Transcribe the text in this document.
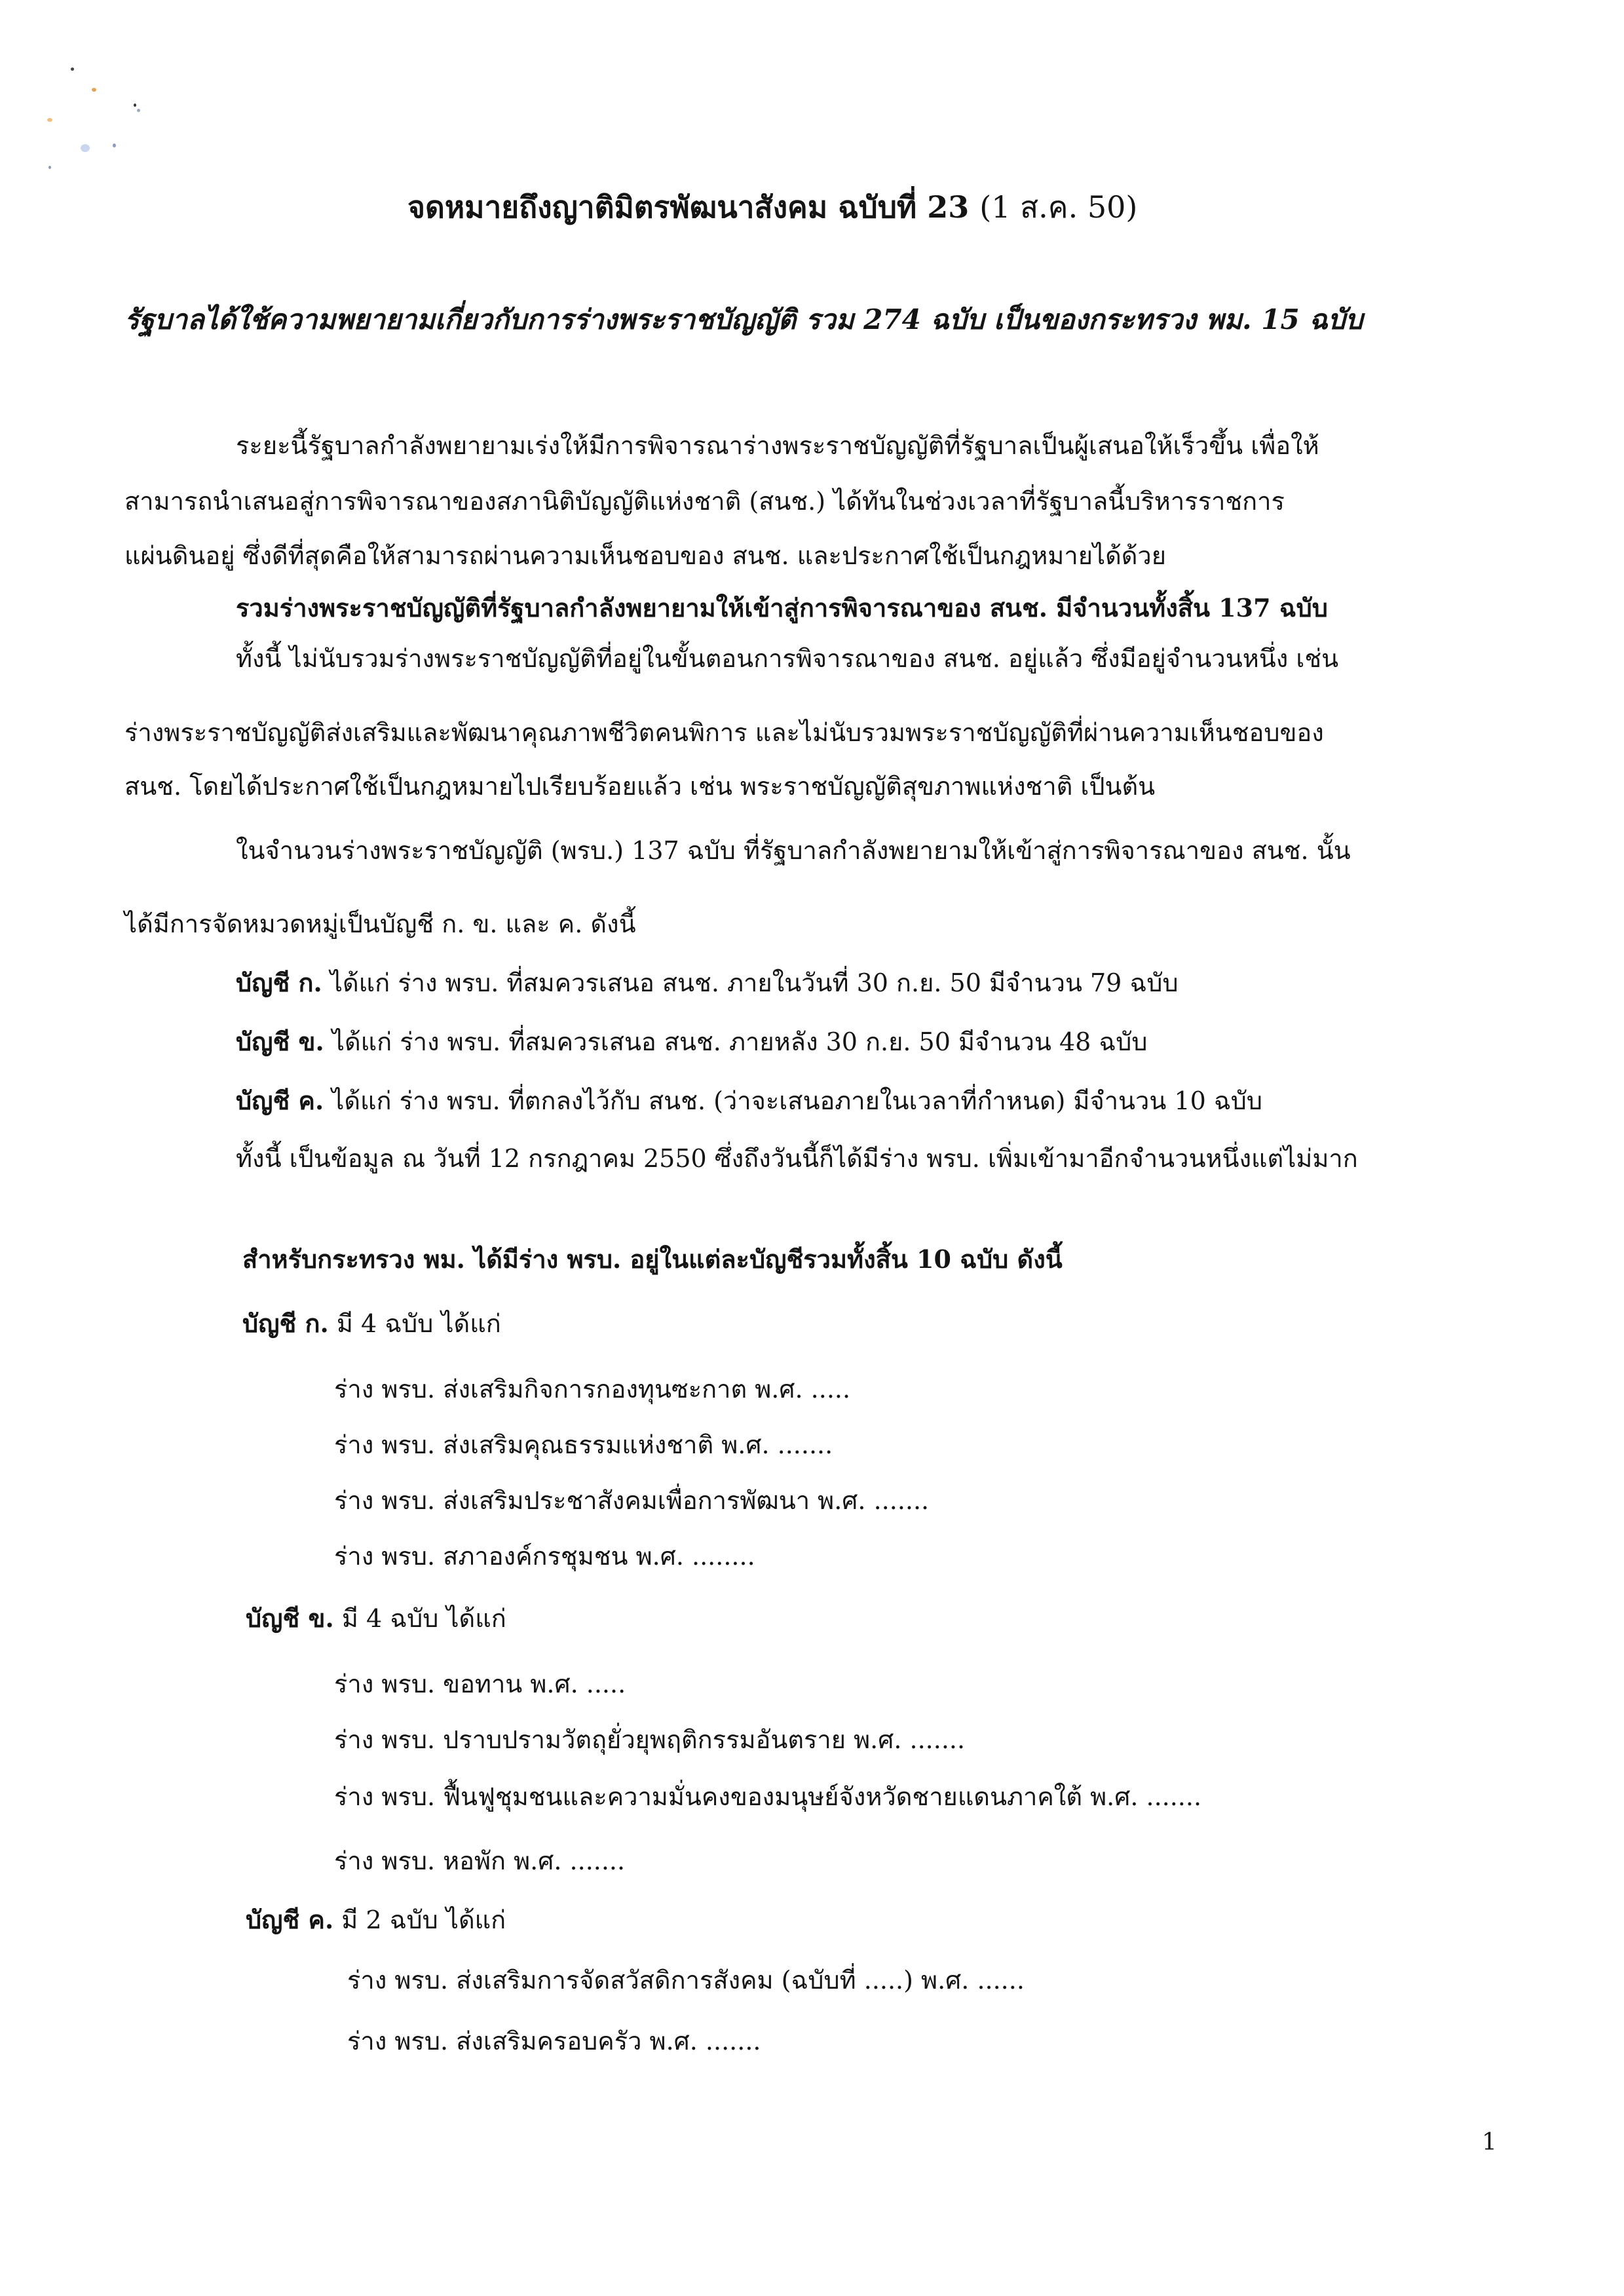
จดหมายถึงญาติมิตรพัฒนาสังคม ฉบับที่ 23 (1 ส.ค. 50)
รัฐบาลได้ใช้ความพยายามเกี่ยวกับการร่างพระราชบัญญัติ รวม 274 ฉบับ เป็นของกระทรวง พม. 15 ฉบับ
ระยะนี้รัฐบาลกำลังพยายามเร่งให้มีการพิจารณาร่างพระราชบัญญัติที่รัฐบาลเป็นผู้เสนอให้เร็วขึ้น เพื่อให้
สามารถนำเสนอสู่การพิจารณาของสภานิติบัญญัติแห่งชาติ (สนช.) ได้ทันในช่วงเวลาที่รัฐบาลนี้บริหารราชการ
แผ่นดินอยู่ ซึ่งดีที่สุดคือให้สามารถผ่านความเห็นชอบของ สนช. และประกาศใช้เป็นกฎหมายได้ด้วย
รวมร่างพระราชบัญญัติที่รัฐบาลกำลังพยายามให้เข้าสู่การพิจารณาของ สนช. มีจำนวนทั้งสิ้น 137 ฉบับ
ทั้งนี้ ไม่นับรวมร่างพระราชบัญญัติที่อยู่ในขั้นตอนการพิจารณาของ สนช. อยู่แล้ว ซึ่งมีอยู่จำนวนหนึ่ง เช่น
ร่างพระราชบัญญัติส่งเสริมและพัฒนาคุณภาพชีวิตคนพิการ และไม่นับรวมพระราชบัญญัติที่ผ่านความเห็นชอบของ
สนช. โดยได้ประกาศใช้เป็นกฎหมายไปเรียบร้อยแล้ว เช่น พระราชบัญญัติสุขภาพแห่งชาติ เป็นต้น
ในจำนวนร่างพระราชบัญญัติ (พรบ.) 137 ฉบับ ที่รัฐบาลกำลังพยายามให้เข้าสู่การพิจารณาของ สนช. นั้น
ได้มีการจัดหมวดหมู่เป็นบัญชี ก. ข. และ ค. ดังนี้
บัญชี ก. ได้แก่ ร่าง พรบ. ที่สมควรเสนอ สนช. ภายในวันที่ 30 ก.ย. 50 มีจำนวน 79 ฉบับ
บัญชี ข. ได้แก่ ร่าง พรบ. ที่สมควรเสนอ สนช. ภายหลัง 30 ก.ย. 50 มีจำนวน 48 ฉบับ
บัญชี ค. ได้แก่ ร่าง พรบ. ที่ตกลงไว้กับ สนช. (ว่าจะเสนอภายในเวลาที่กำหนด) มีจำนวน 10 ฉบับ
ทั้งนี้ เป็นข้อมูล ณ วันที่ 12 กรกฎาคม 2550 ซึ่งถึงวันนี้ก็ได้มีร่าง พรบ. เพิ่มเข้ามาอีกจำนวนหนึ่งแต่ไม่มาก
สำหรับกระทรวง พม. ได้มีร่าง พรบ. อยู่ในแต่ละบัญชีรวมทั้งสิ้น 10 ฉบับ ดังนี้
บัญชี ก. มี 4 ฉบับ ได้แก่
ร่าง พรบ. ส่งเสริมกิจการกองทุนซะกาต พ.ศ. .....
ร่าง พรบ. ส่งเสริมคุณธรรมแห่งชาติ พ.ศ. .......
ร่าง พรบ. ส่งเสริมประชาสังคมเพื่อการพัฒนา พ.ศ. .......
ร่าง พรบ. สภาองค์กรชุมชน พ.ศ. ........
บัญชี ข. มี 4 ฉบับ ได้แก่
ร่าง พรบ. ขอทาน พ.ศ. .....
ร่าง พรบ. ปราบปรามวัตถุยั่วยุพฤติกรรมอันตราย พ.ศ. .......
ร่าง พรบ. ฟื้นฟูชุมชนและความมั่นคงของมนุษย์จังหวัดชายแดนภาคใต้ พ.ศ. .......
ร่าง พรบ. หอพัก พ.ศ. .......
บัญชี ค. มี 2 ฉบับ ได้แก่
ร่าง พรบ. ส่งเสริมการจัดสวัสดิการสังคม (ฉบับที่ .....) พ.ศ. ......
ร่าง พรบ. ส่งเสริมครอบครัว พ.ศ. .......
1
